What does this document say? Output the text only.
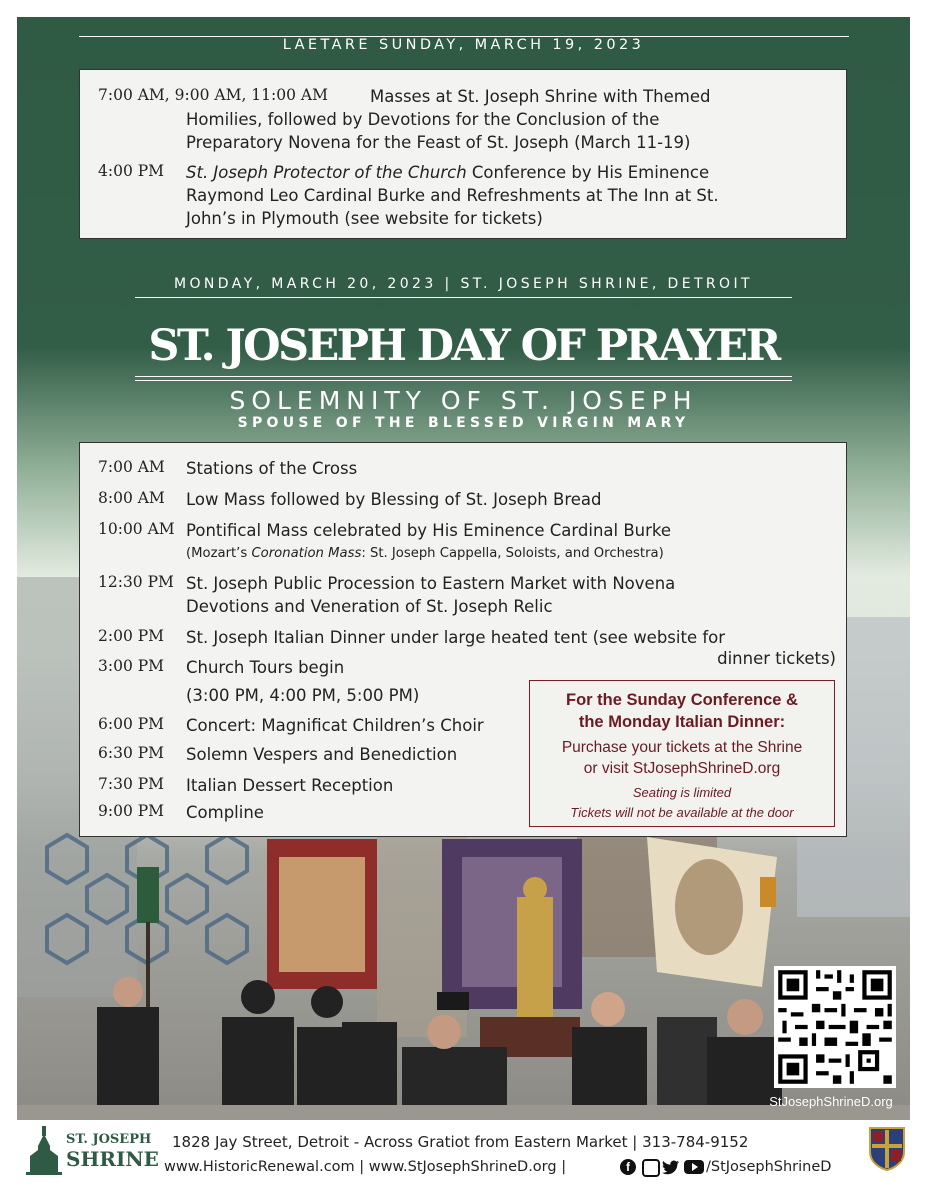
LAETARE SUNDAY, MARCH 19, 2023
7:00 AM, 9:00 AM, 11:00 AM	Masses at St. Joseph Shrine with Themed
Homilies, followed by Devotions for the Conclusion of the
Preparatory Novena for the Feast of St. Joseph (March 11-19)
4:00 PM St. Joseph Protector of the Church Conference by His Eminence
Raymond Leo Cardinal Burke and Refreshments at The Inn at St.
John’s in Plymouth (see website for tickets)
MONDAY, MARCH 20, 2023 | ST. JOSEPH SHRINE, DETROIT
ST. JOSEPH DAY OF PRAYER
SOLEMNITY OF ST. JOSEPH
SPOUSE OF THE BLESSED VIRGIN MARY
7:00 AM Stations of the Cross
8:00 AM Low Mass followed by Blessing of St. Joseph Bread
10:00 AM Pontifical Mass celebrated by His Eminence Cardinal Burke
(Mozart’s Coronation Mass: St. Joseph Cappella, Soloists, and Orchestra)
12:30 PM St. Joseph Public Procession to Eastern Market with Novena
Devotions and Veneration of St. Joseph Relic
2:00 PM St. Joseph Italian Dinner under large heated tent (see website for
dinner tickets)
3:00 PM Church Tours begin
(3:00 PM, 4:00 PM, 5:00 PM)
6:00 PM Concert: Magnificat Children’s Choir
6:30 PM Solemn Vespers and Benediction
7:30 PM Italian Dessert Reception
9:00 PM Compline
For the Sunday Conference &
the Monday Italian Dinner:
Purchase your tickets at the Shrine
or visit StJosephShrineD.org
Seating is limited
Tickets will not be available at the door
StJosephShrineD.org
ST. JOSEPH
SHRINE
1828 Jay Street, Detroit - Across Gratiot from Eastern Market | 313-784-9152
www.HistoricRenewal.com | www.StJosephShrineD.org |	f	/StJosephShrineD
